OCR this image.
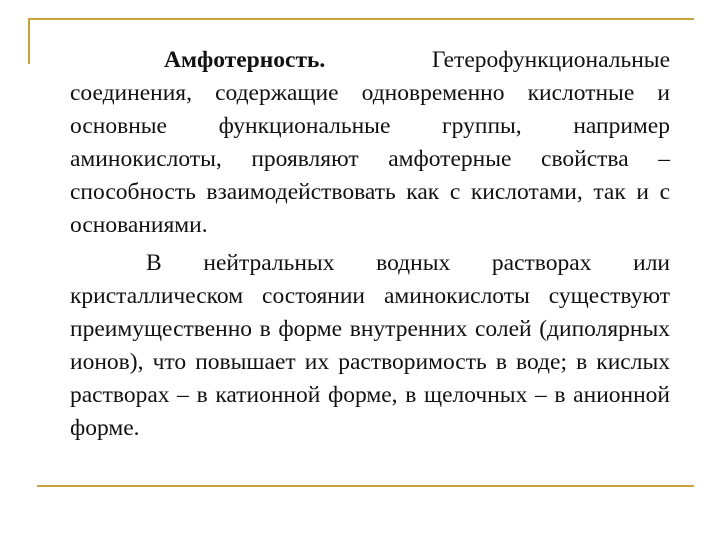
Амфотерность.	Гетерофункциональные соединения, содержащие одновременно кислотные и основные функциональные группы, например аминокислоты, проявляют амфотерные свойства – способность взаимодействовать как с кислотами, так и с основаниями.

В нейтральных водных растворах или кристаллическом состоянии аминокислоты существуют преимущественно в форме внутренних солей (диполярных ионов), что повышает их растворимость в воде; в кислых растворах – в катионной форме, в щелочных – в анионной форме.
